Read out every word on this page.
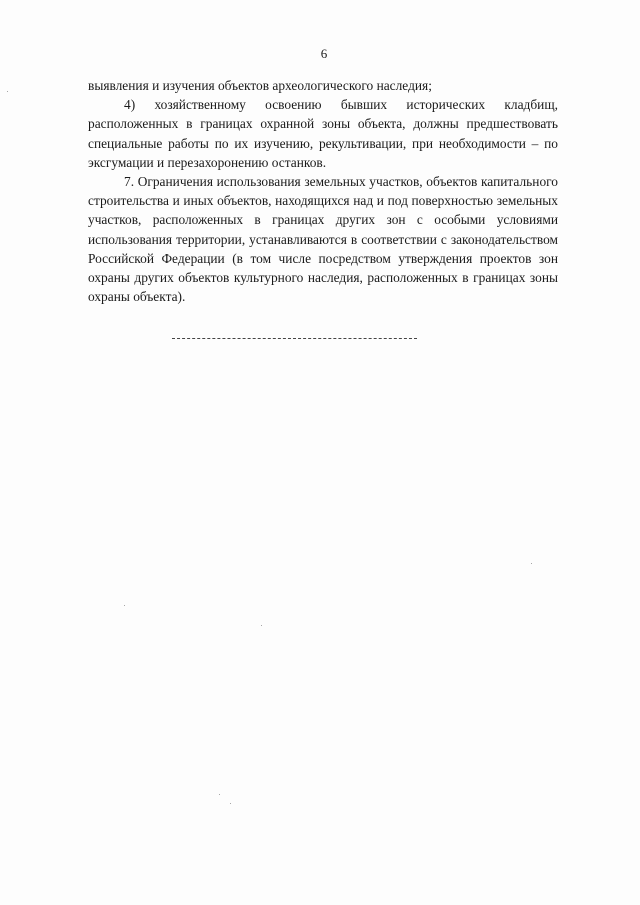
6

выявления и изучения объектов археологического наследия;

4) хозяйственному освоению бывших исторических кладбищ, расположенных в границах охранной зоны объекта, должны предшествовать специальные работы по их изучению, рекультивации, при необходимости – по эксгумации и перезахоронению останков.

7. Ограничения использования земельных участков, объектов капитального строительства и иных объектов, находящихся над и под поверхностью земельных участков, расположенных в границах других зон с особыми условиями использования территории, устанавливаются в соответствии с законодательством Российской Федерации (в том числе посредством утверждения проектов зон охраны других объектов культурного наследия, расположенных в границах зоны охраны объекта).
